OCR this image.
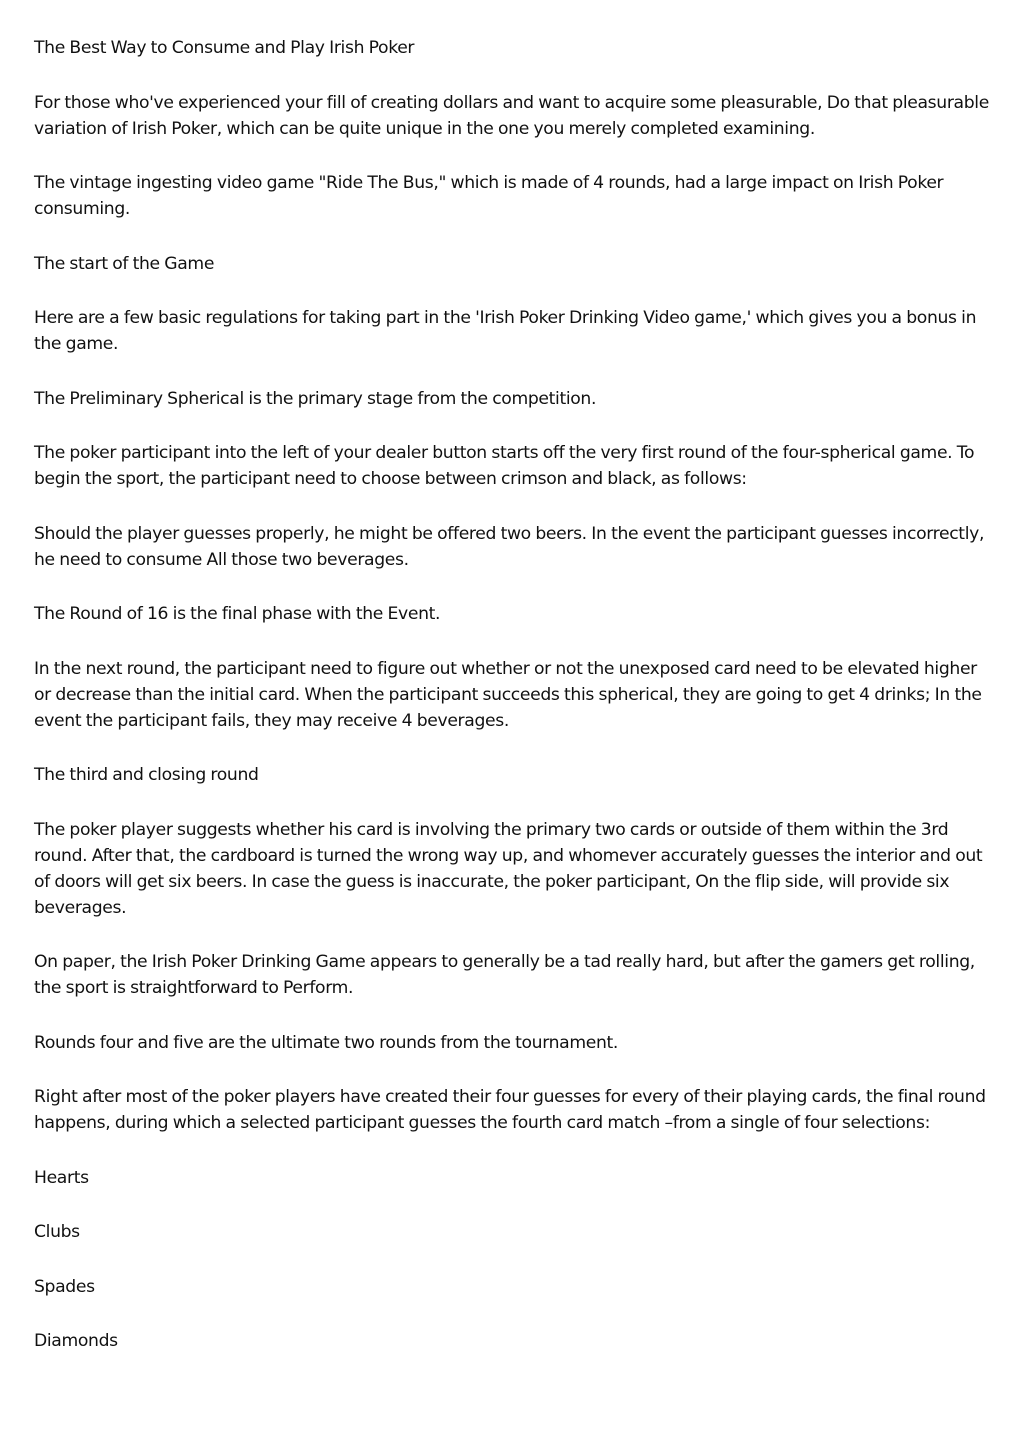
The Best Way to Consume and Play Irish Poker

For those who've experienced your fill of creating dollars and want to acquire some pleasurable, Do that pleasurable variation of Irish Poker, which can be quite unique in the one you merely completed examining.

The vintage ingesting video game "Ride The Bus," which is made of 4 rounds, had a large impact on Irish Poker consuming.

The start of the Game

Here are a few basic regulations for taking part in the 'Irish Poker Drinking Video game,' which gives you a bonus in the game.

The Preliminary Spherical is the primary stage from the competition.

The poker participant into the left of your dealer button starts off the very first round of the four-spherical game. To begin the sport, the participant need to choose between crimson and black, as follows:

Should the player guesses properly, he might be offered two beers. In the event the participant guesses incorrectly, he need to consume All those two beverages.

The Round of 16 is the final phase with the Event.

In the next round, the participant need to figure out whether or not the unexposed card need to be elevated higher or decrease than the initial card. When the participant succeeds this spherical, they are going to get 4 drinks; In the event the participant fails, they may receive 4 beverages.

The third and closing round

The poker player suggests whether his card is involving the primary two cards or outside of them within the 3rd round. After that, the cardboard is turned the wrong way up, and whomever accurately guesses the interior and out of doors will get six beers. In case the guess is inaccurate, the poker participant, On the flip side, will provide six beverages.

On paper, the Irish Poker Drinking Game appears to generally be a tad really hard, but after the gamers get rolling, the sport is straightforward to Perform.

Rounds four and five are the ultimate two rounds from the tournament.

Right after most of the poker players have created their four guesses for every of their playing cards, the final round happens, during which a selected participant guesses the fourth card match –from a single of four selections:

Hearts

Clubs

Spades

Diamonds
